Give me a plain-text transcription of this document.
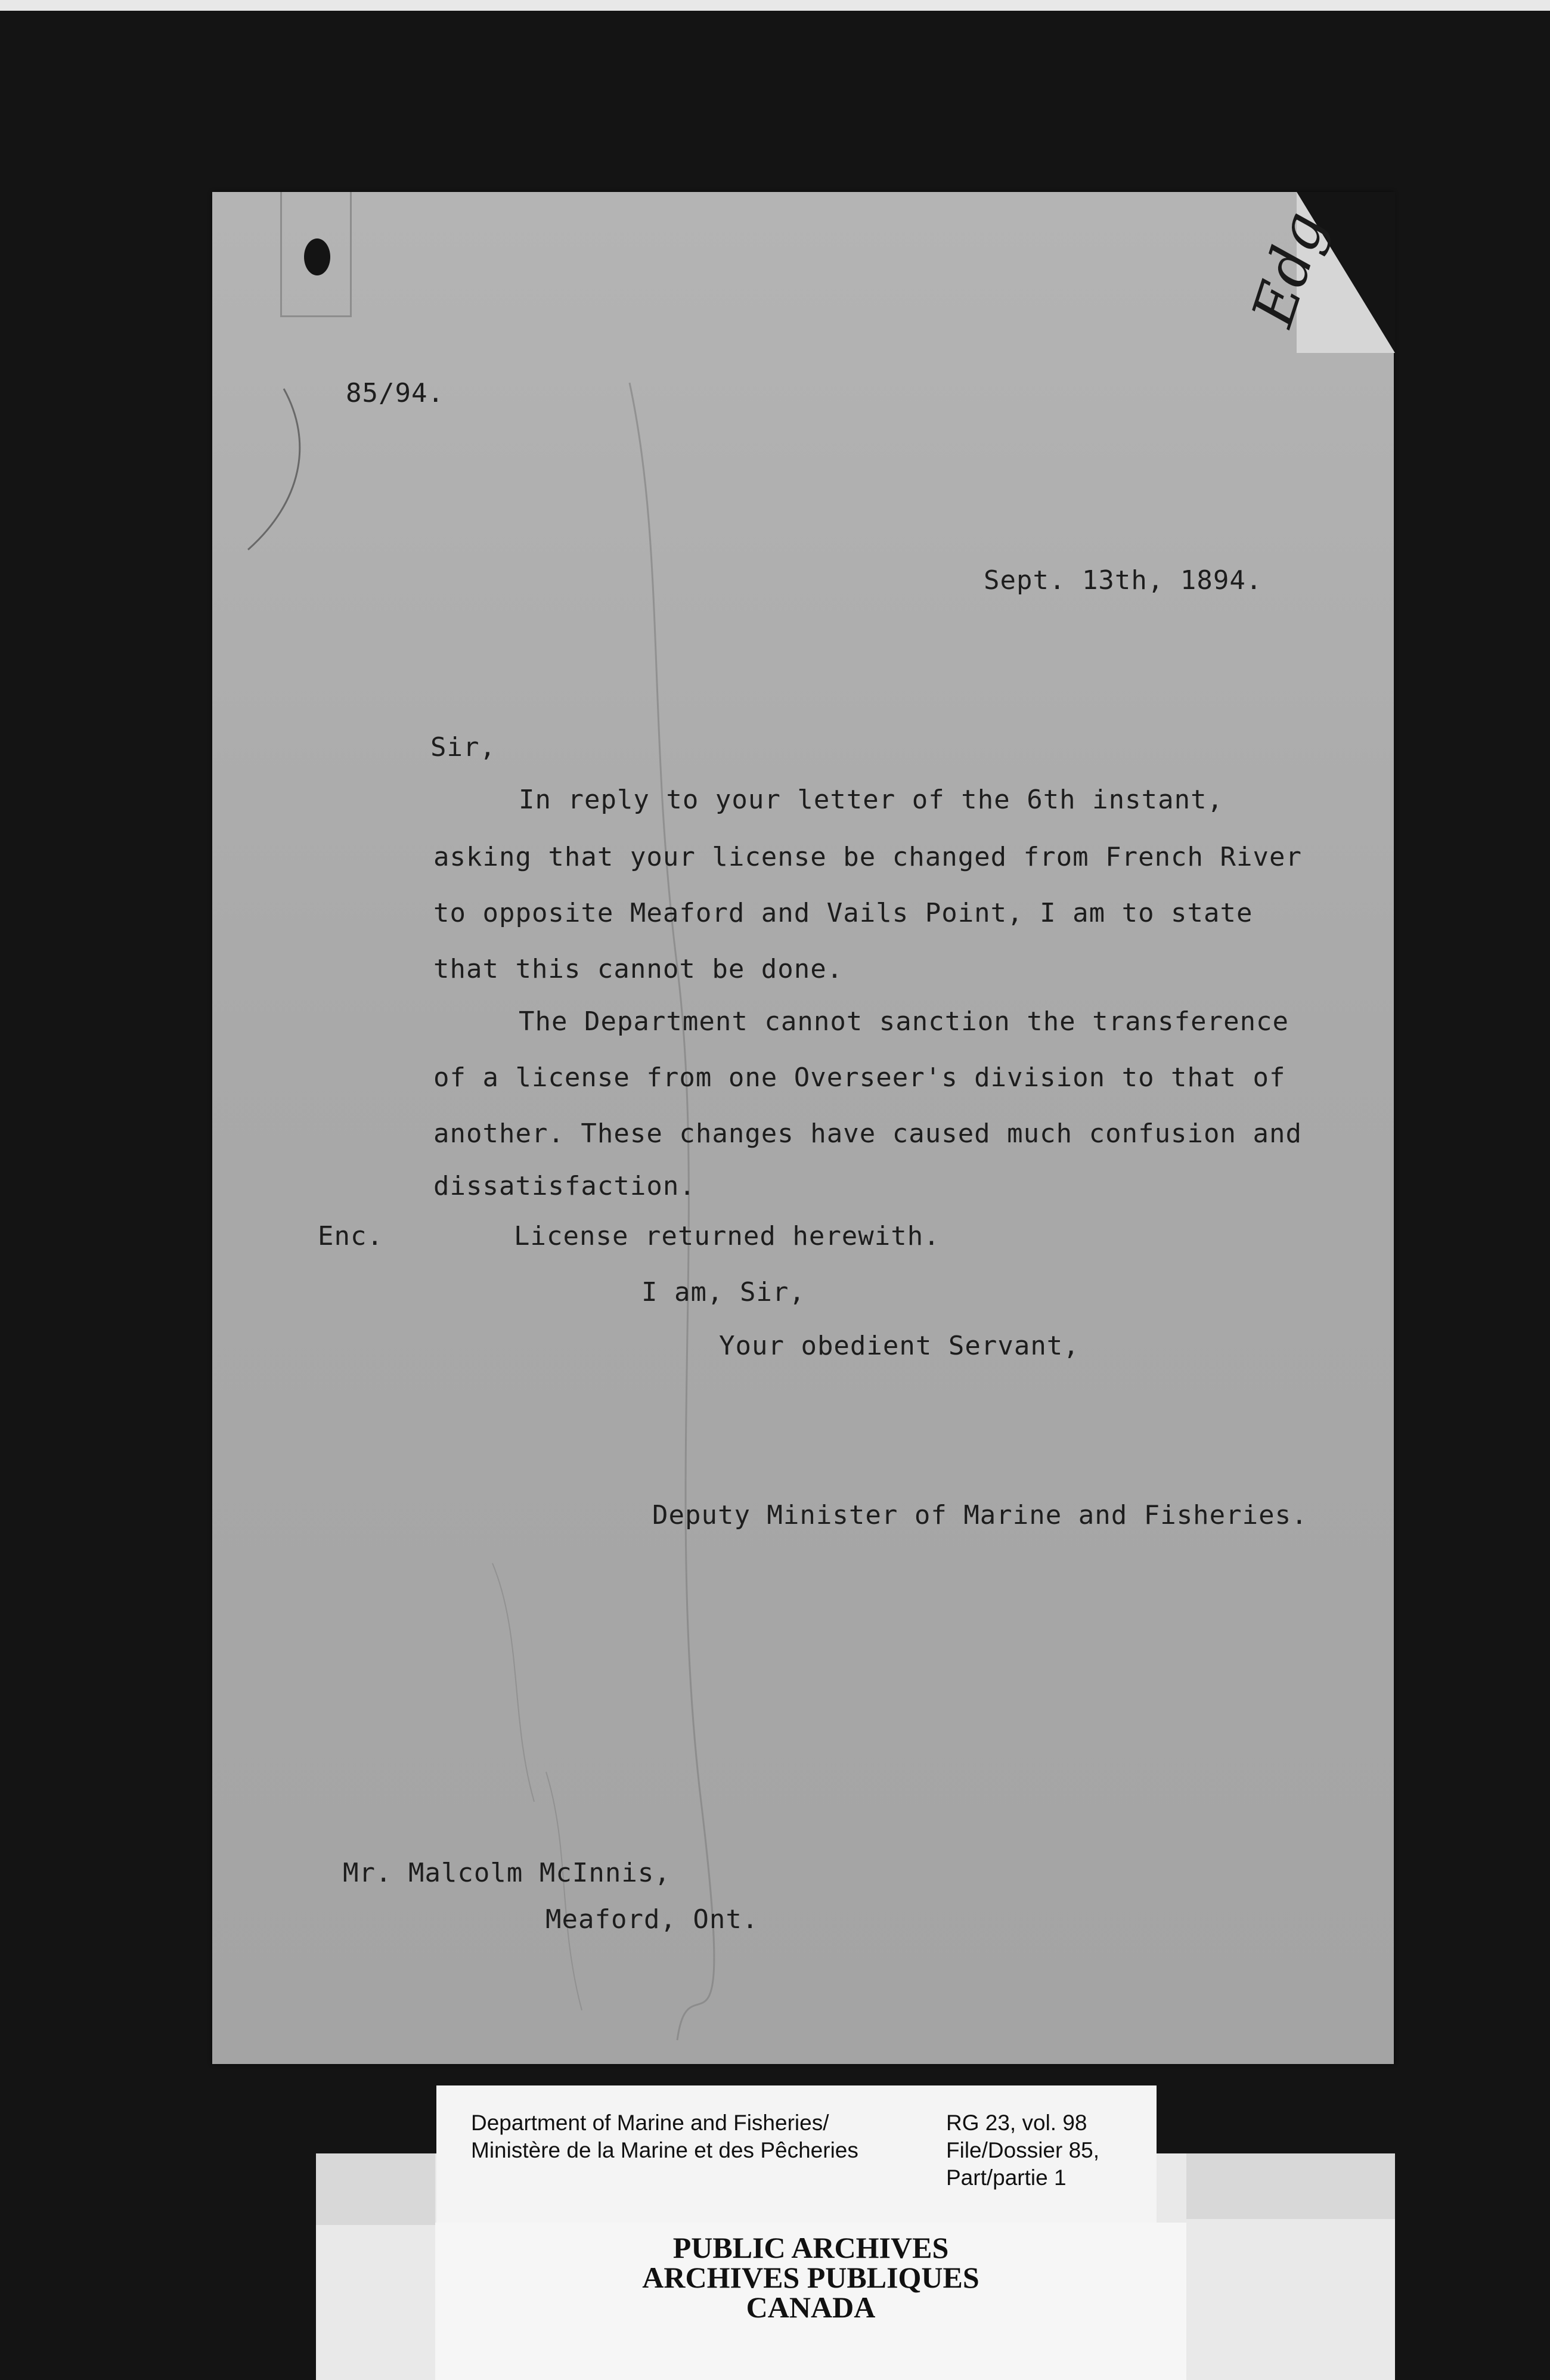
Edg
85/94.
Sept. 13th, 1894.
Sir,
In reply to your letter of the 6th instant,
asking that your license be changed from French River
to opposite Meaford and Vails Point, I am to state
that this cannot be done.
The Department cannot sanction the transference
of a license from one Overseer's division to that of
another. These changes have caused much confusion and
dissatisfaction.
Enc.	License returned herewith.
I am, Sir,
Your obedient Servant,
Deputy Minister of Marine and Fisheries.
Mr. Malcolm McInnis,
Meaford, Ont.
Department of Marine and Fisheries/
Ministère de la Marine et des Pêcheries
RG 23, vol. 98
File/Dossier 85,
Part/partie 1
PUBLIC ARCHIVES
ARCHIVES PUBLIQUES
CANADA
